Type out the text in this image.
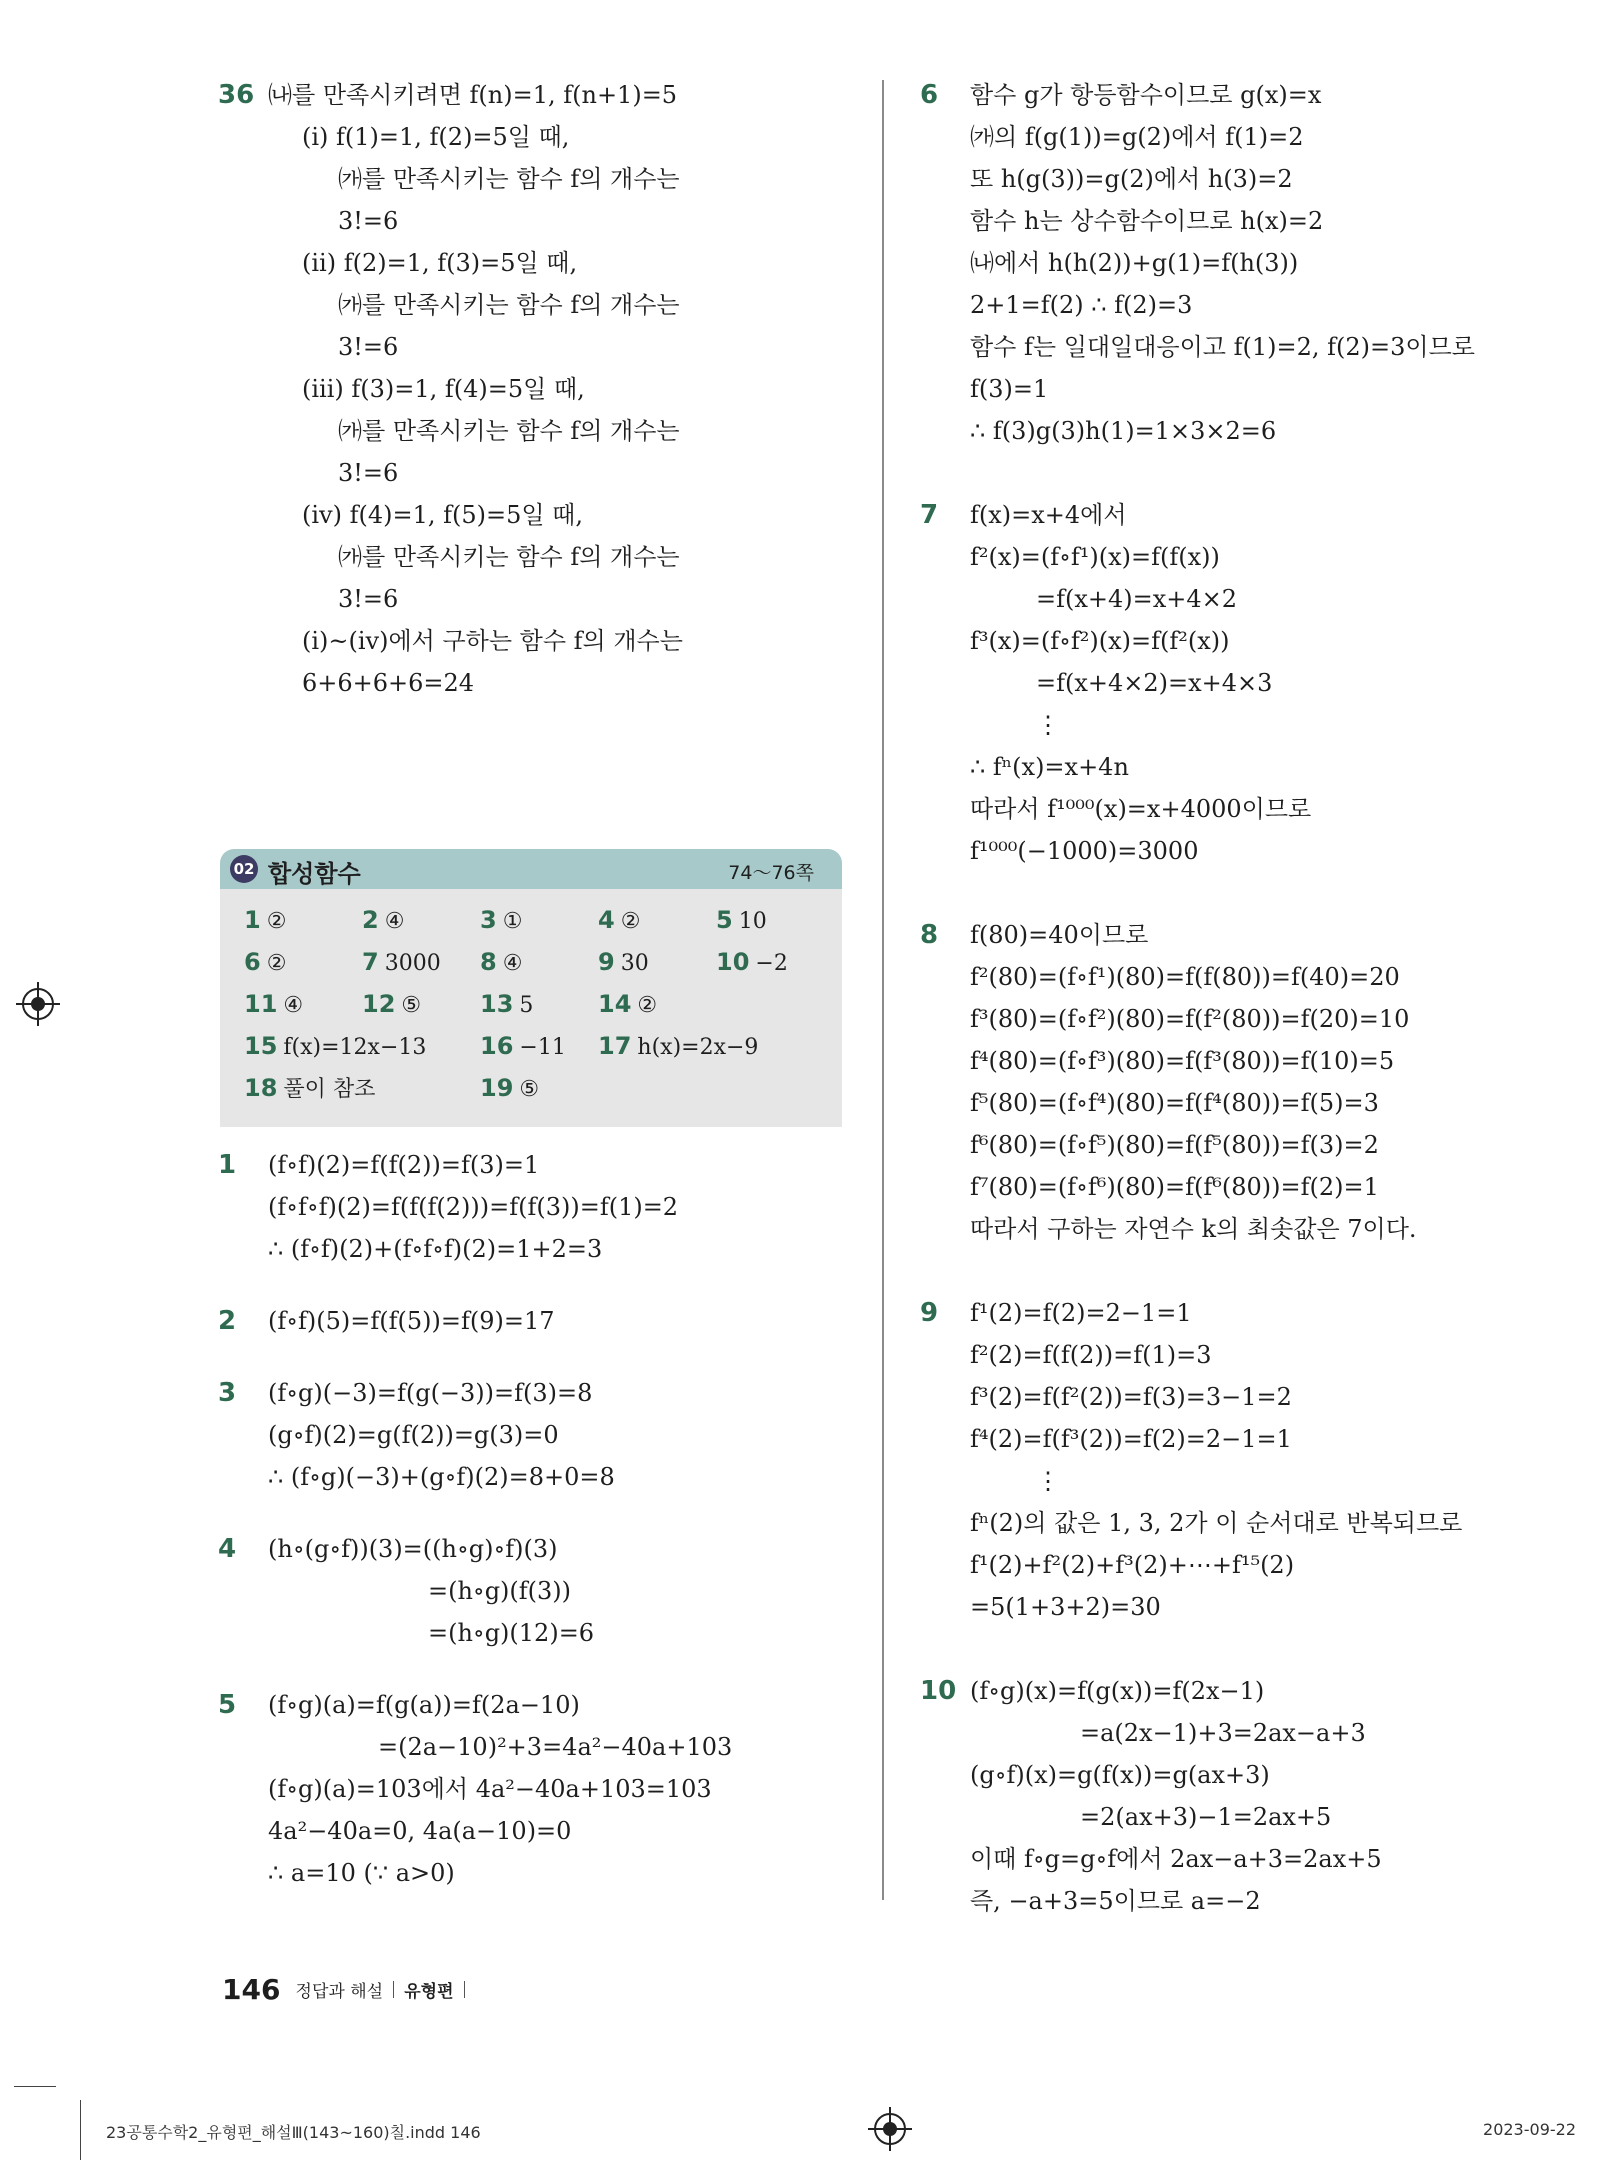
36 ㈏를 만족시키려면 f(n)=1, f(n+1)=5
(ⅰ) f(1)=1, f(2)=5일 때,
㈎를 만족시키는 함수 f의 개수는
3!=6
(ⅱ) f(2)=1, f(3)=5일 때,
㈎를 만족시키는 함수 f의 개수는
3!=6
(ⅲ) f(3)=1, f(4)=5일 때,
㈎를 만족시키는 함수 f의 개수는
3!=6
(ⅳ) f(4)=1, f(5)=5일 때,
㈎를 만족시키는 함수 f의 개수는
3!=6
(ⅰ)~(ⅳ)에서 구하는 함수 f의 개수는
6+6+6+6=24
1 (f∘f)(2)=f(f(2))=f(3)=1
(f∘f∘f)(2)=f(f(f(2)))=f(f(3))=f(1)=2
∴ (f∘f)(2)+(f∘f∘f)(2)=1+2=3
2 (f∘f)(5)=f(f(5))=f(9)=17
3 (f∘g)(−3)=f(g(−3))=f(3)=8
(g∘f)(2)=g(f(2))=g(3)=0
∴ (f∘g)(−3)+(g∘f)(2)=8+0=8
4 (h∘(g∘f))(3)=((h∘g)∘f)(3)
=(h∘g)(f(3))
=(h∘g)(12)=6
5 (f∘g)(a)=f(g(a))=f(2a−10)
=(2a−10)²+3=4a²−40a+103
(f∘g)(a)=103에서 4a²−40a+103=103
4a²−40a=0, 4a(a−10)=0
∴ a=10 (∵ a>0)
6 함수 g가 항등함수이므로 g(x)=x
㈎의 f(g(1))=g(2)에서 f(1)=2
또 h(g(3))=g(2)에서 h(3)=2
함수 h는 상수함수이므로 h(x)=2
㈏에서 h(h(2))+g(1)=f(h(3))
2+1=f(2) ∴ f(2)=3
함수 f는 일대일대응이고 f(1)=2, f(2)=3이므로
f(3)=1
∴ f(3)g(3)h(1)=1×3×2=6
7 f(x)=x+4에서
f²(x)=(f∘f¹)(x)=f(f(x))
=f(x+4)=x+4×2
f³(x)=(f∘f²)(x)=f(f²(x))
=f(x+4×2)=x+4×3
⋮
∴ fⁿ(x)=x+4n
따라서 f¹⁰⁰⁰(x)=x+4000이므로
f¹⁰⁰⁰(−1000)=3000
8 f(80)=40이므로
f²(80)=(f∘f¹)(80)=f(f(80))=f(40)=20
f³(80)=(f∘f²)(80)=f(f²(80))=f(20)=10
f⁴(80)=(f∘f³)(80)=f(f³(80))=f(10)=5
f⁵(80)=(f∘f⁴)(80)=f(f⁴(80))=f(5)=3
f⁶(80)=(f∘f⁵)(80)=f(f⁵(80))=f(3)=2
f⁷(80)=(f∘f⁶)(80)=f(f⁶(80))=f(2)=1
따라서 구하는 자연수 k의 최솟값은 7이다.
9 f¹(2)=f(2)=2−1=1
f²(2)=f(f(2))=f(1)=3
f³(2)=f(f²(2))=f(3)=3−1=2
f⁴(2)=f(f³(2))=f(2)=2−1=1
⋮
fⁿ(2)의 값은 1, 3, 2가 이 순서대로 반복되므로
f¹(2)+f²(2)+f³(2)+⋯+f¹⁵(2)
=5(1+3+2)=30
10 (f∘g)(x)=f(g(x))=f(2x−1)
=a(2x−1)+3=2ax−a+3
(g∘f)(x)=g(f(x))=g(ax+3)
=2(ax+3)−1=2ax+5
이때 f∘g=g∘f에서 2ax−a+3=2ax+5
즉, −a+3=5이므로 a=−2
02 합성함수	74～76쪽
1 ②	2 ④	3 ①	4 ②	5 10
6 ②	7 3000 8 ④	9 30	10 −2
11 ④ 12 ⑤ 13 5	14 ②
15 f(x)=12x−13 16 −11 17 h(x)=2x−9
18 풀이 참조	19 ⑤
146 정답과 해설 유형편
23공통수학2_유형편_해설Ⅲ(143~160)칠.indd 146	2023-09-22
